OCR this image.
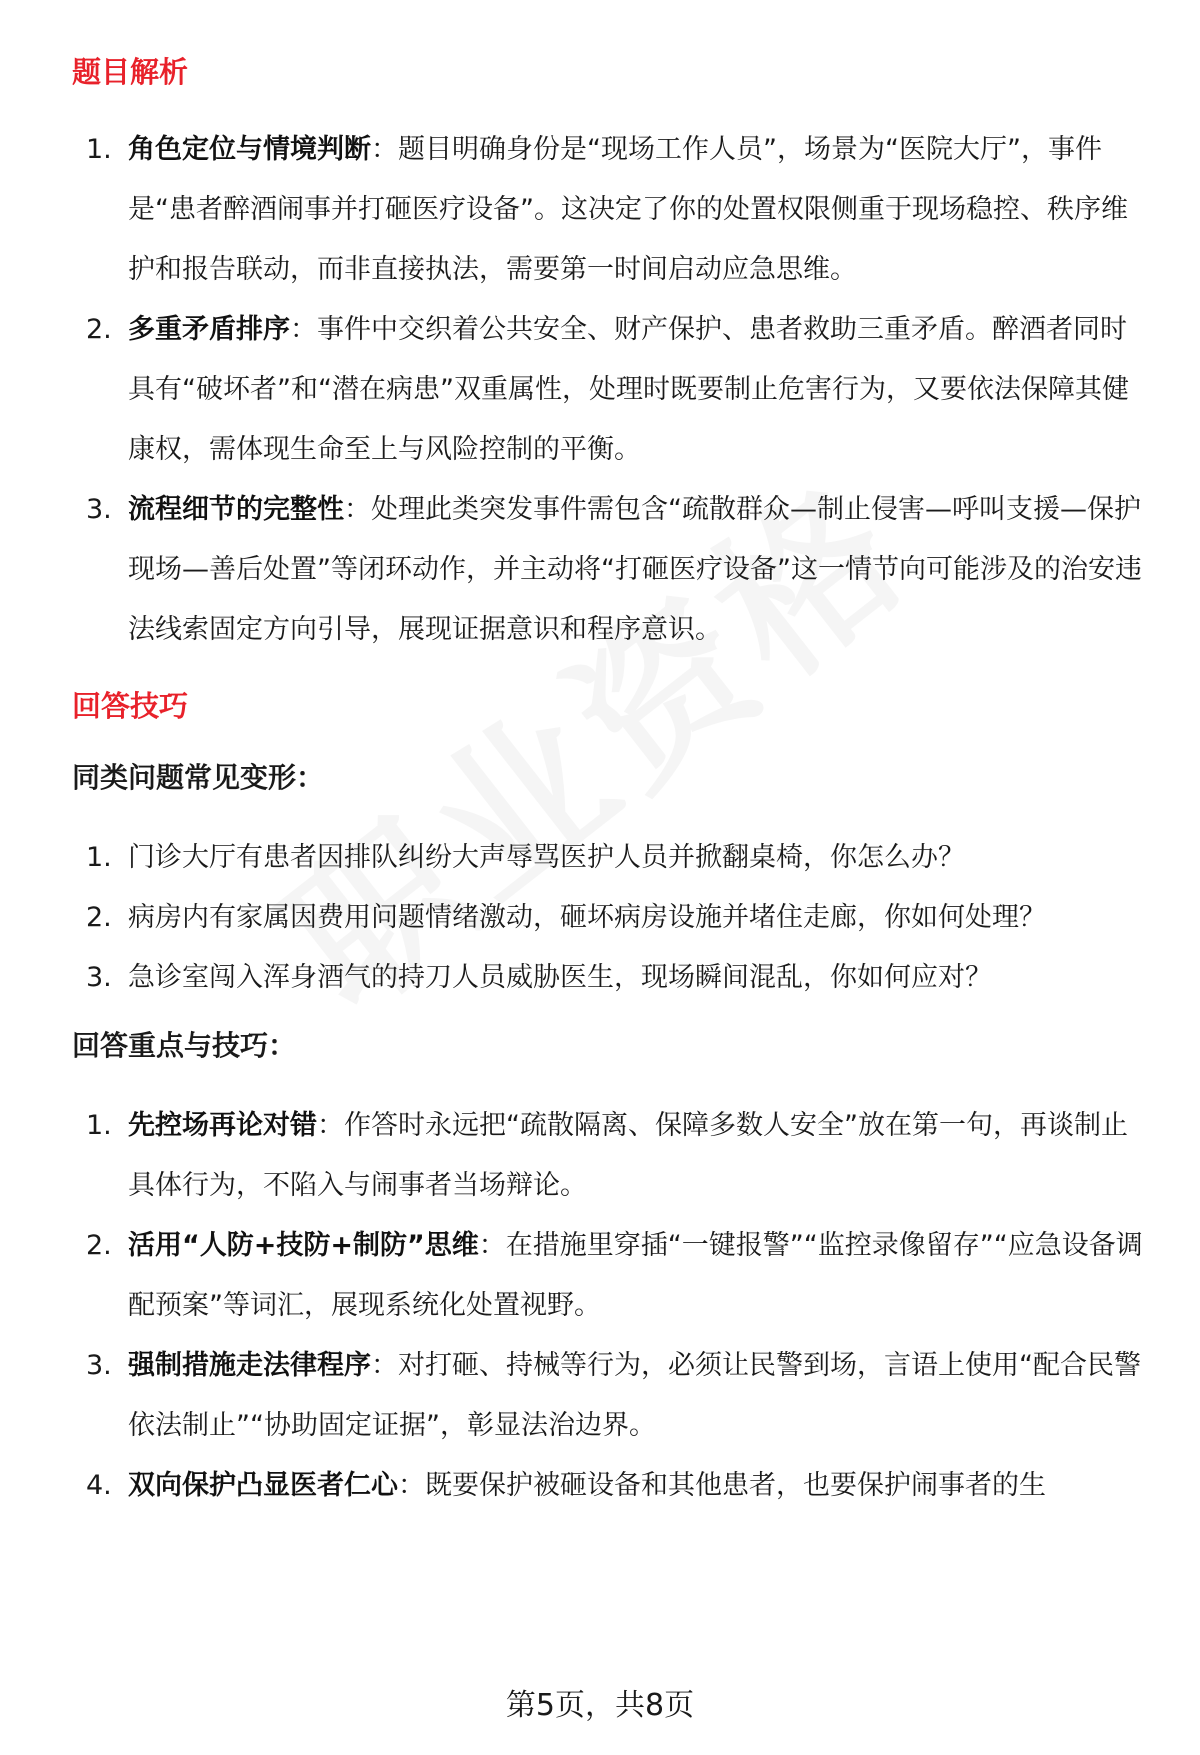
题目解析
1. 角色定位与情境判断：题目明确身份是“现场工作人员”，场景为“医院大厅”，事件是“患者醉酒闹事并打砸医疗设备”。这决定了你的处置权限侧重于现场稳控、秩序维护和报告联动，而非直接执法，需要第一时间启动应急思维。
2. 多重矛盾排序：事件中交织着公共安全、财产保护、患者救助三重矛盾。醉酒者同时具有“破坏者”和“潜在病患”双重属性，处理时既要制止危害行为，又要依法保障其健康权，需体现生命至上与风险控制的平衡。
3. 流程细节的完整性：处理此类突发事件需包含“疏散群众—制止侵害—呼叫支援—保护现场—善后处置”等闭环动作，并主动将“打砸医疗设备”这一情节向可能涉及的治安违法线索固定方向引导，展现证据意识和程序意识。
回答技巧
同类问题常见变形：
1. 门诊大厅有患者因排队纠纷大声辱骂医护人员并掀翻桌椅，你怎么办？
2. 病房内有家属因费用问题情绪激动，砸坏病房设施并堵住走廊，你如何处理？
3. 急诊室闯入浑身酒气的持刀人员威胁医生，现场瞬间混乱，你如何应对？
回答重点与技巧：
1. 先控场再论对错：作答时永远把“疏散隔离、保障多数人安全”放在第一句，再谈制止具体行为，不陷入与闹事者当场辩论。
2. 活用“人防+技防+制防”思维：在措施里穿插“一键报警”“监控录像留存”“应急设备调配预案”等词汇，展现系统化处置视野。
3. 强制措施走法律程序：对打砸、持械等行为，必须让民警到场，言语上使用“配合民警依法制止”“协助固定证据”，彰显法治边界。
4. 双向保护凸显医者仁心：既要保护被砸设备和其他患者，也要保护闹事者的生
第5页，共8页
